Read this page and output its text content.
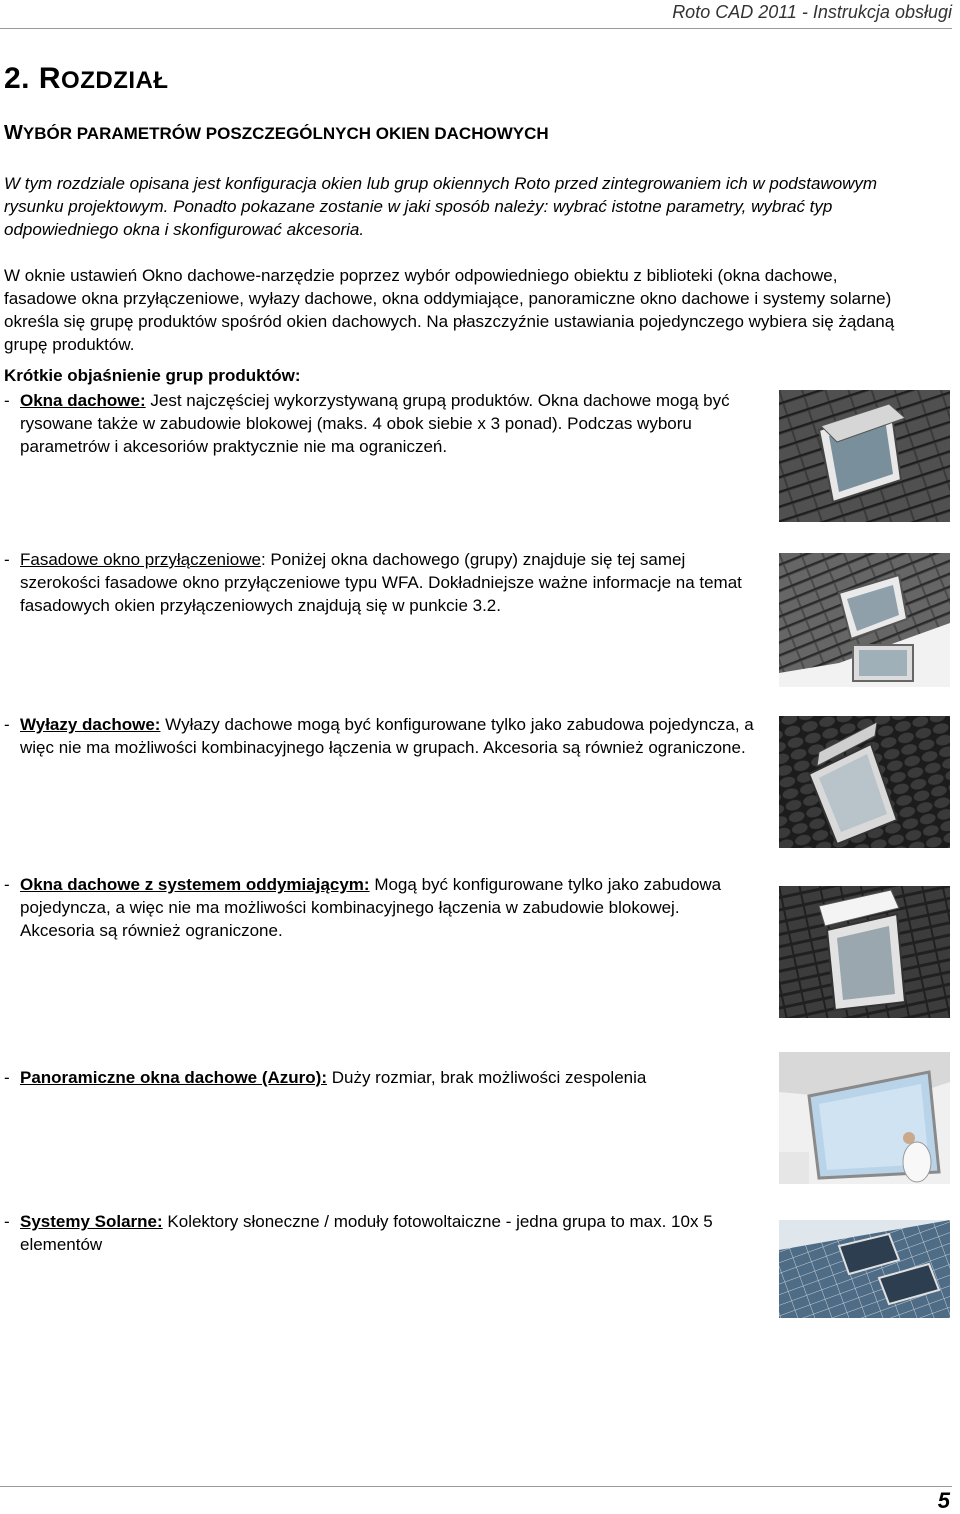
Roto CAD 2011 - Instrukcja obsługi
2. ROZDZIAŁ
WYBÓR PARAMETRÓW POSZCZEGÓLNYCH OKIEN DACHOWYCH
W tym rozdziale opisana jest konfiguracja okien lub grup okiennych Roto przed zintegrowaniem ich w podstawowym rysunku projektowym. Ponadto pokazane zostanie w jaki sposób należy: wybrać istotne parametry, wybrać typ odpowiedniego okna i skonfigurować akcesoria.
W oknie ustawień Okno dachowe-narzędzie poprzez wybór odpowiedniego obiektu z biblioteki (okna dachowe, fasadowe okna przyłączeniowe, wyłazy dachowe, okna oddymiające, panoramiczne okno dachowe i systemy solarne) określa się grupę produktów spośród okien dachowych. Na płaszczyźnie ustawiania pojedynczego wybiera się żądaną grupę produktów.
Krótkie objaśnienie grup produktów:
- Okna dachowe: Jest najczęściej wykorzystywaną grupą produktów. Okna dachowe mogą być rysowane także w zabudowie blokowej (maks. 4 obok siebie x 3 ponad). Podczas wyboru parametrów i akcesoriów praktycznie nie ma ograniczeń.
- Fasadowe okno przyłączeniowe: Poniżej okna dachowego (grupy) znajduje się tej samej szerokości fasadowe okno przyłączeniowe typu WFA. Dokładniejsze ważne informacje na temat fasadowych okien przyłączeniowych znajdują się w punkcie 3.2.
- Wyłazy dachowe: Wyłazy dachowe mogą być konfigurowane tylko jako zabudowa pojedyncza, a więc nie ma możliwości kombinacyjnego łączenia w grupach. Akcesoria są również ograniczone.
- Okna dachowe z systemem oddymiającym: Mogą być konfigurowane tylko jako zabudowa pojedyncza, a więc nie ma możliwości kombinacyjnego łączenia w zabudowie blokowej. Akcesoria są również ograniczone.
- Panoramiczne okna dachowe (Azuro): Duży rozmiar, brak możliwości zespolenia
- Systemy Solarne: Kolektory słoneczne / moduły fotowoltaiczne - jedna grupa to max. 10x 5 elementów
5
